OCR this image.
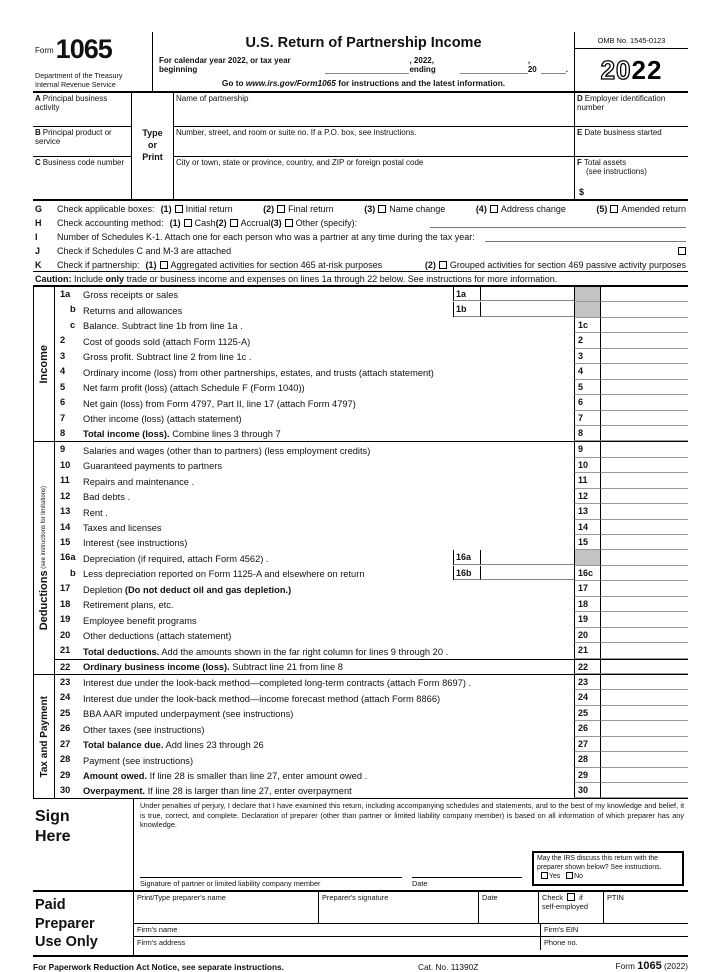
Form 1065
Department of the Treasury
Internal Revenue Service
U.S. Return of Partnership Income
For calendar year 2022, or tax year beginning
, 2022, ending
, 20	.
Go to www.irs.gov/Form1065 for instructions and the latest information.
OMB No. 1545-0123
20 22
A Principal business activity
B Principal product or service
C Business code number
Type
or
Print
Name of partnership
Number, street, and room or suite no. If a P.O. box, see instructions.
City or town, state or province, country, and ZIP or foreign postal code
D Employer identification number
E Date business started
F Total assets
(see instructions)
$
G	Check applicable boxes: (1) Initial return	(2) Final return	(3) Name change	(4) Address change	(5) Amended return
H	Check accounting method: (1) Cash (2) Accrual (3) Other (specify):
I	Number of Schedules K-1. Attach one for each person who was a partner at any time during the tax year:
J	Check if Schedules C and M-3 are attached
K	Check if partnership: (1) Aggregated activities for section 465 at-risk purposes	(2) Grouped activities for section 469 passive activity purposes
Caution: Include only trade or business income and expenses on lines 1a through 22 below. See instructions for more information.
Income
1a	Gross receipts or sales	1a
b Returns and allowances	1b
c Balance. Subtract line 1b from line 1a .	1c
2	Cost of goods sold (attach Form 1125-A)	2
3	Gross profit. Subtract line 2 from line 1c .	3
4	Ordinary income (loss) from other partnerships, estates, and trusts (attach statement)	4
5	Net farm profit (loss) (attach Schedule F (Form 1040))	5
6	Net gain (loss) from Form 4797, Part II, line 17 (attach Form 4797)	6
7	Other income (loss) (attach statement)	7
8	Total income (loss). Combine lines 3 through 7	8
Deductions (see instructions for limitations)
9	Salaries and wages (other than to partners) (less employment credits)	9
10	Guaranteed payments to partners	10
11	Repairs and maintenance .	11
12	Bad debts .	12
13	Rent .	13
14	Taxes and licenses	14
15	Interest (see instructions)	15
16a Depreciation (if required, attach Form 4562) .	16a
b Less depreciation reported on Form 1125-A and elsewhere on return	16b	16c
17	Depletion (Do not deduct oil and gas depletion.)	17
18	Retirement plans, etc.	18
19	Employee benefit programs	19
20	Other deductions (attach statement)	20
21	Total deductions. Add the amounts shown in the far right column for lines 9 through 20 .	21
22	Ordinary business income (loss). Subtract line 21 from line 8	22
Tax and Payment
23	Interest due under the look-back method—completed long-term contracts (attach Form 8697) .	23
24	Interest due under the look-back method—income forecast method (attach Form 8866)	24
25	BBA AAR imputed underpayment (see instructions)	25
26	Other taxes (see instructions)	26
27	Total balance due. Add lines 23 through 26	27
28	Payment (see instructions)	28
29	Amount owed. If line 28 is smaller than line 27, enter amount owed .	29
30	Overpayment. If line 28 is larger than line 27, enter overpayment	30
Sign
Here
Under penalties of perjury, I declare that I have examined this return, including accompanying schedules and statements, and to the best of my knowledge and belief, it is true, correct, and complete. Declaration of preparer (other than partner or limited liability company member) is based on all information of which preparer has any knowledge.
Signature of partner or limited liability company member	Date
May the IRS discuss this return with the preparer shown below? See instructions. Yes No
Paid
Preparer
Use Only
Print/Type preparer's name	Preparer's signature	Date	Check if
self-employed
PTIN
Firm's name	Firm's EIN
Firm's address	Phone no.
For Paperwork Reduction Act Notice, see separate instructions.	Cat. No. 11390Z	Form 1065 (2022)
